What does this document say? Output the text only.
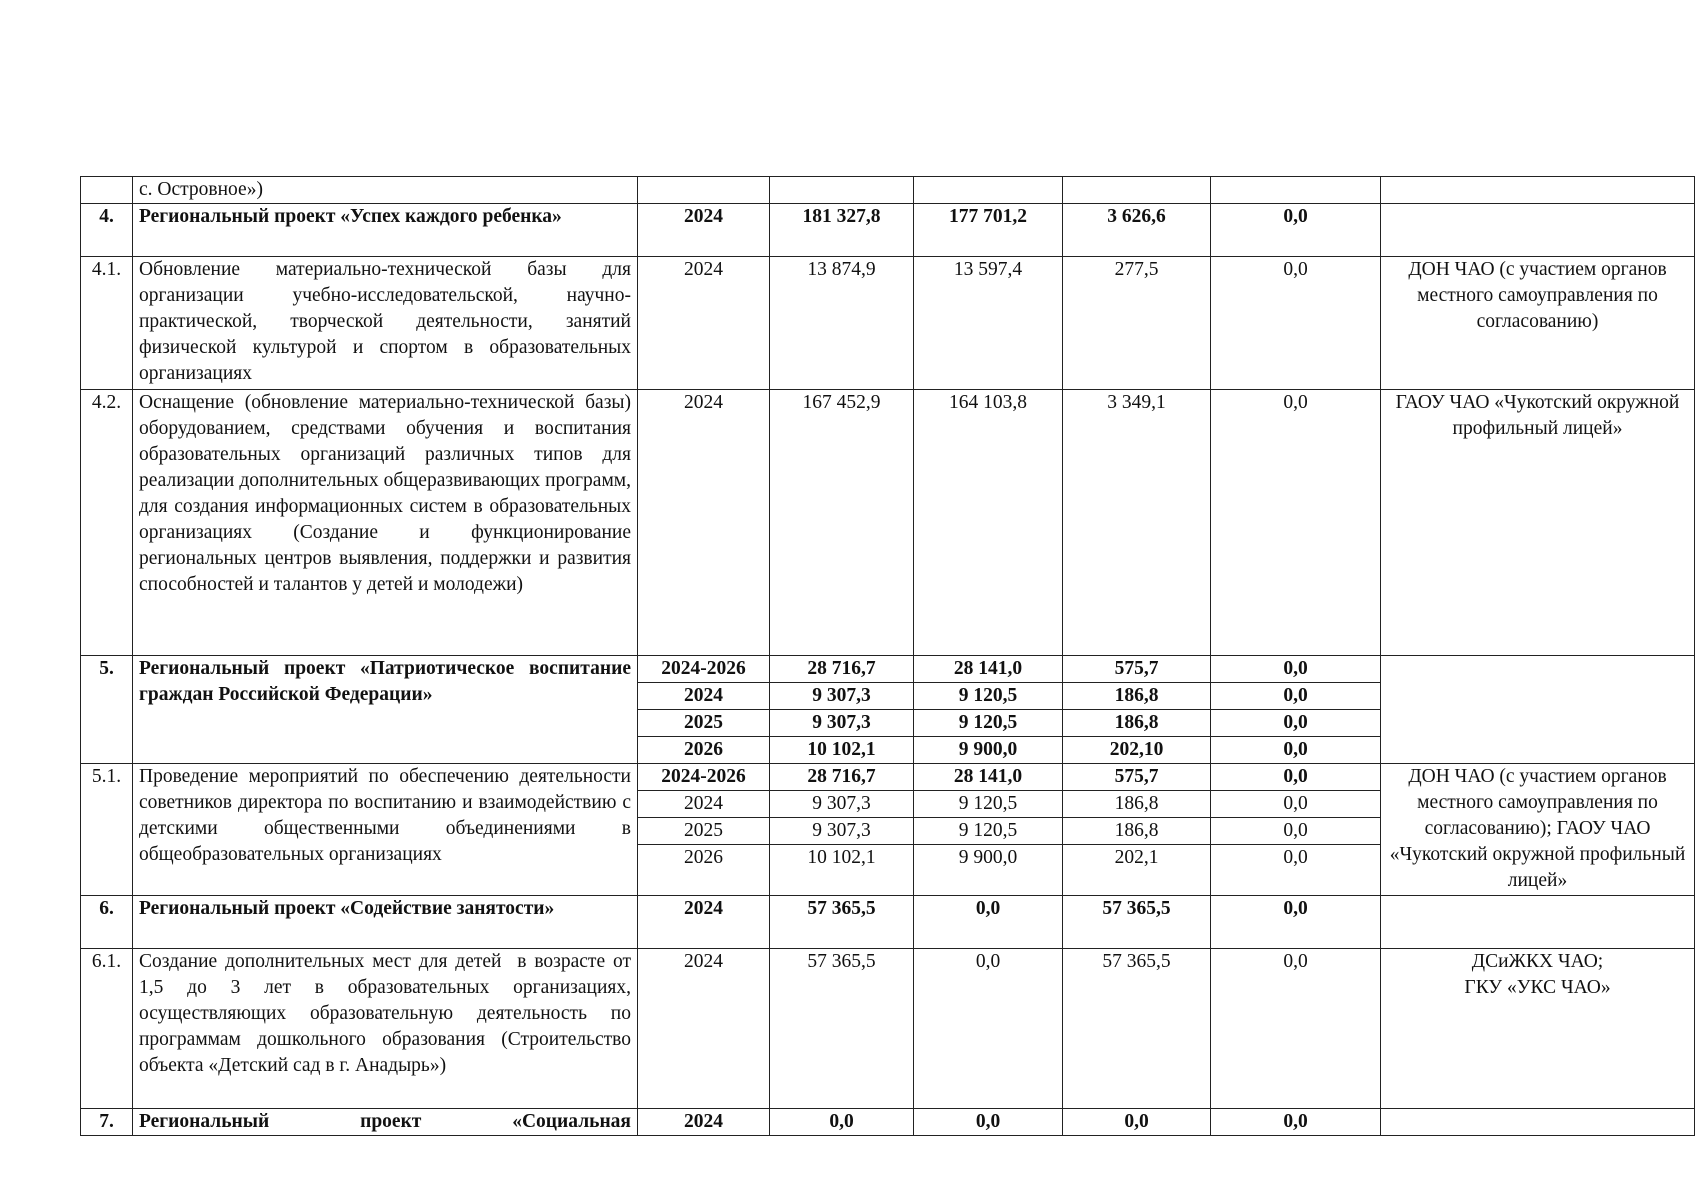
	с. Островное»)						
4.	Региональный проект «Успех каждого ребенка»	2024	181 327,8	177 701,2	3 626,6	0,0	
4.1.	Обновление материально-технической базы для организации учебно-исследовательской, научно-практической, творческой деятельности, занятий физической культурой и спортом в образовательных организациях	2024	13 874,9	13 597,4	277,5	0,0	ДОН ЧАО (с участием органов местного самоуправления по согласованию)
4.2.	Оснащение (обновление материально-технической базы) оборудованием, средствами обучения и воспитания образовательных организаций различных типов для реализации дополнительных общеразвивающих программ, для создания информационных систем в образовательных организациях (Создание и функционирование региональных центров выявления, поддержки и развития способностей и талантов у детей и молодежи)	2024	167 452,9	164 103,8	3 349,1	0,0	ГАОУ ЧАО «Чукотский окружной профильный лицей»
5.	Региональный проект «Патриотическое воспитание граждан Российской Федерации»	2024-2026	28 716,7	28 141,0	575,7	0,0	
		2024	9 307,3	9 120,5	186,8	0,0	
		2025	9 307,3	9 120,5	186,8	0,0	
		2026	10 102,1	9 900,0	202,10	0,0	
5.1.	Проведение мероприятий по обеспечению деятельности советников директора по воспитанию и взаимодействию с детскими общественными объединениями в общеобразовательных организациях	2024-2026	28 716,7	28 141,0	575,7	0,0	ДОН ЧАО (с участием органов местного самоуправления по согласованию); ГАОУ ЧАО «Чукотский окружной профильный лицей»
		2024	9 307,3	9 120,5	186,8	0,0	
		2025	9 307,3	9 120,5	186,8	0,0	
		2026	10 102,1	9 900,0	202,1	0,0	
6.	Региональный проект «Содействие занятости»	2024	57 365,5	0,0	57 365,5	0,0	
6.1.	Создание дополнительных мест для детей  в возрасте от 1,5 до 3 лет в образовательных организациях, осуществляющих образовательную деятельность по программам дошкольного образования (Строительство объекта «Детский сад в г. Анадырь»)	2024	57 365,5	0,0	57 365,5	0,0	ДСиЖКХ ЧАО;
ГКУ «УКС ЧАО»
7.	Региональный проект «Социальная	2024	0,0	0,0	0,0	0,0	
